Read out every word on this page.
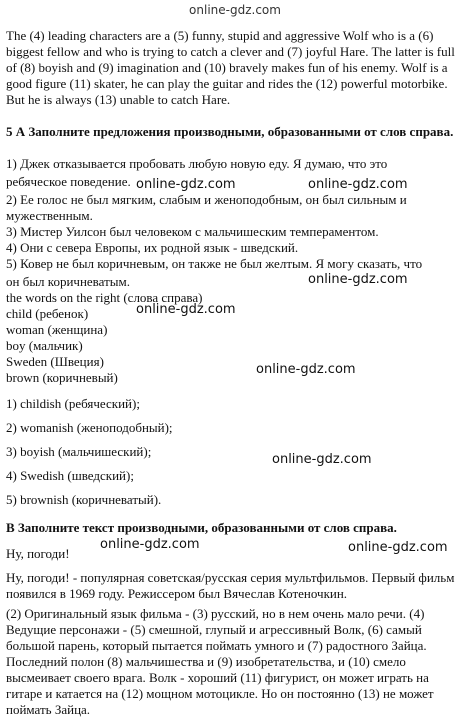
online-gdz.com

The (4) leading characters are a (5) funny, stupid and aggressive Wolf who is a (6) biggest fellow and who is trying to catch a clever and (7) joyful Hare. The latter is full of (8) boyish and (9) imagination and (10) bravely makes fun of his enemy. Wolf is a good figure (11) skater, he can play the guitar and rides the (12) powerful motorbike. But he is always (13) unable to catch Hare.

5 А Заполните предложения производными, образованными от слов справа.

1) Джек отказывается пробовать любую новую еду. Я думаю, что это

ребяческое поведение.

2) Ее голос не был мягким, слабым и женоподобным, он был сильным и мужественным.

3) Мистер Уилсон был человеком с мальчишеским темпераментом.

4) Они с севера Европы, их родной язык - шведский.

5) Ковер не был коричневым, он также не был желтым. Я могу сказать, что

он был коричневатым.

the words on the right (слова справа)

child (ребенок)

woman (женщина)

boy (мальчик)

Sweden (Швеция)

brown (коричневый)

1) childish (ребяческий);

2) womanish (женоподобный);

3) boyish (мальчишеский);

4) Swedish (шведский);

5) brownish (коричневатый).

В Заполните текст производными, образованными от слов справа.

Ну, погоди!

Ну, погоди! - популярная советская/русская серия мультфильмов. Первый фильм появился в 1969 году. Режиссером был Вячеслав Котеночкин.

(2) Оригинальный язык фильма - (3) русский, но в нем очень мало речи. (4) Ведущие персонажи - (5) смешной, глупый и агрессивный Волк, (6) самый большой парень, который пытается поймать умного и (7) радостного Зайца. Последний полон (8) мальчишества и (9) изобретательства, и (10) смело высмеивает своего врага. Волк - хороший (11) фигурист, он может играть на гитаре и катается на (12) мощном мотоцикле. Но он постоянно (13) не может поймать Зайца.

online-gdz.com	online-gdz.com
online-gdz.com
online-gdz.com
online-gdz.com
online-gdz.com
online-gdz.com	online-gdz.com
